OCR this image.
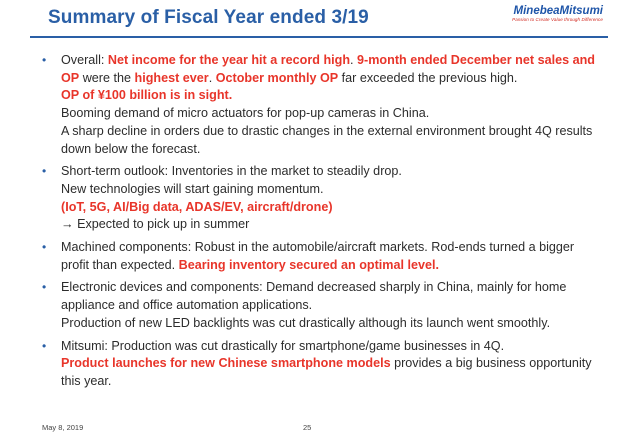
Summary of Fiscal Year ended 3/19	MinebeaMitsumi
Passion to Create Value through Difference
• Overall: Net income for the year hit a record high. 9-month ended December net sales and OP were the highest ever. October monthly OP far exceeded the previous high.
OP of ¥100 billion is in sight.
Booming demand of micro actuators for pop-up cameras in China.
A sharp decline in orders due to drastic changes in the external environment brought 4Q results down below the forecast.
• Short-term outlook: Inventories in the market to steadily drop.
New technologies will start gaining momentum.
(IoT, 5G, AI/Big data, ADAS/EV, aircraft/drone)
→ Expected to pick up in summer
• Machined components: Robust in the automobile/aircraft markets. Rod-ends turned a bigger profit than expected. Bearing inventory secured an optimal level.
• Electronic devices and components: Demand decreased sharply in China, mainly for home appliance and office automation applications.
Production of new LED backlights was cut drastically although its launch went smoothly.
• Mitsumi: Production was cut drastically for smartphone/game businesses in 4Q.
Product launches for new Chinese smartphone models provides a big business opportunity this year.
May 8, 2019	25
